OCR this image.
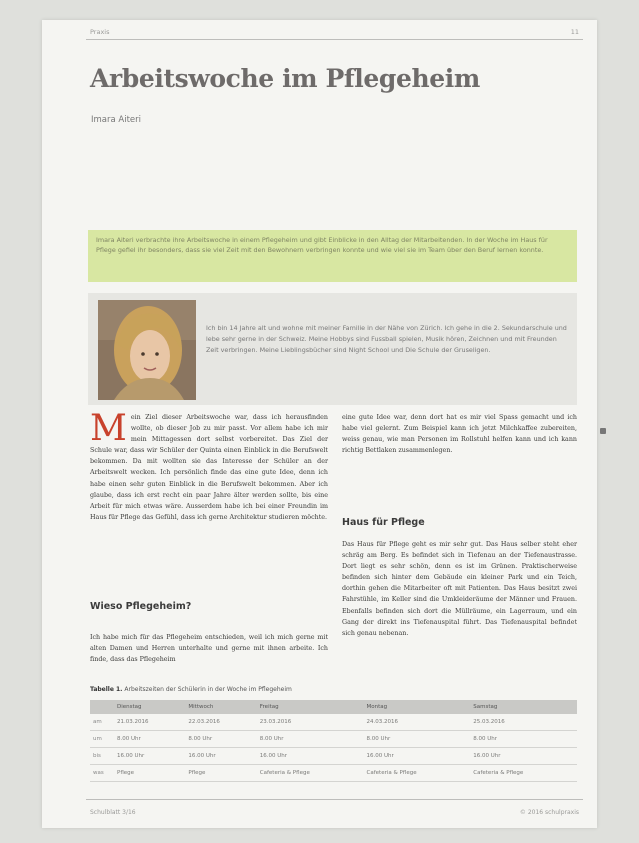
Praxis	11
Arbeitswoche im Pflegeheim
Imara Aiteri
Imara Aiteri verbrachte ihre Arbeitswoche in einem Pflegeheim und gibt Einblicke in den Alltag der Mitarbeitenden. In der Woche im Haus für Pflege gefiel ihr besonders, dass sie viel Zeit mit den Bewohnern verbringen konnte und wie viel sie im Team über den Beruf lernen konnte.
Ich bin 14 Jahre alt und wohne mit meiner Familie in der Nähe von Zürich. Ich gehe in die 2. Sekundarschule und lebe sehr gerne in der Schweiz. Meine Hobbys sind Fussball spielen, Musik hören, Zeichnen und mit Freunden Zeit verbringen. Meine Lieblingsbücher sind Night School und Die Schule der Gruseligen.
M ein Ziel dieser Arbeitswoche war, dass ich herausfinden wollte, ob dieser Job zu mir passt. Vor allem habe ich mir mein Mittagessen dort selbst vorbereitet. Das Ziel der Schule war, dass wir Schüler der Quinta einen Einblick in die Berufswelt bekommen. Da mit wollten sie das Interesse der Schüler an der Arbeitswelt wecken. Ich persönlich finde das eine gute Idee, denn ich habe einen sehr guten Einblick in die Berufswelt bekommen. Aber ich glaube, dass ich erst recht ein paar Jahre älter werden sollte, bis eine Arbeit für mich etwas wäre. Ausserdem habe ich bei einer Freundin im Haus für Pflege das Gefühl, dass ich gerne Architektur studieren möchte.

Wieso Pflegeheim?

Ich habe mich für das Pflegeheim entschieden, weil ich mich gerne mit alten Damen und Herren unterhalte und gerne mit ihnen arbeite. Ich finde, dass das Pflegeheim

eine gute Idee war, denn dort hat es mir viel Spass gemacht und ich habe viel gelernt. Zum Beispiel kann ich jetzt Milchkaffee zubereiten, weiss genau, wie man Personen im Rollstuhl helfen kann und ich kann richtig Bettlaken zusammenlegen.

Haus für Pflege

Das Haus für Pflege geht es mir sehr gut. Das Haus selber steht eher schräg am Berg. Es befindet sich in Tiefenau an der Tiefenaustrasse. Dort liegt es sehr schön, denn es ist im Grünen. Praktischerweise befinden sich hinter dem Gebäude ein kleiner Park und ein Teich, dorthin gehen die Mitarbeiter oft mit Patienten. Das Haus besitzt zwei Fahrstühle, im Keller sind die Umkleideräume der Männer und Frauen. Ebenfalls befinden sich dort die Müllräume, ein Lagerraum, und ein Gang der direkt ins Tiefenauspital führt. Das Tiefenauspital befindet sich genau nebenan.

Tabelle 1. Arbeitszeiten der Schülerin in der Woche im Pflegeheim
	Dienstag	Mittwoch	Freitag	Montag	Samstag
am	21.03.2016	22.03.2016	23.03.2016	24.03.2016	25.03.2016
um	8.00 Uhr	8.00 Uhr	8.00 Uhr	8.00 Uhr	8.00 Uhr
bis	16.00 Uhr	16.00 Uhr	16.00 Uhr	16.00 Uhr	16.00 Uhr
was	Pflege	Pflege	Cafeteria & Pflege	Cafeteria & Pflege	Cafeteria & Pflege
Schulblatt 3/16	© 2016 schulpraxis
